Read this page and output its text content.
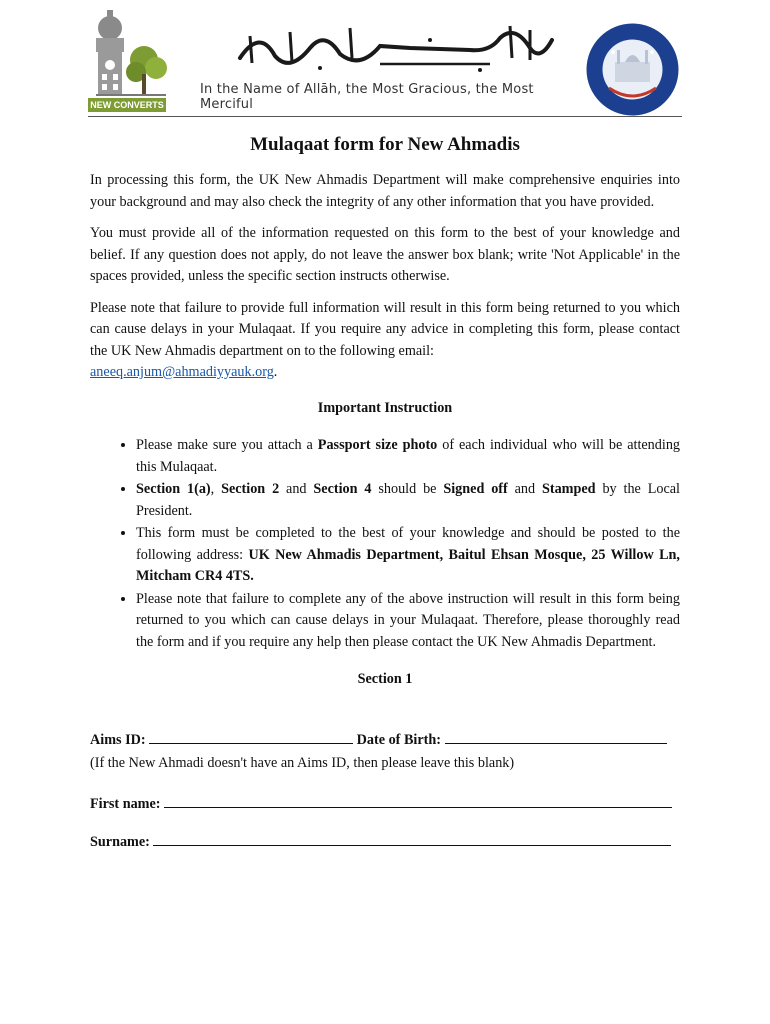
NEW CONVERTS
In the Name of Allāh, the Most Gracious, the Most Merciful
Mulaqaat form for New Ahmadis

In processing this form, the UK New Ahmadis Department will make comprehensive enquiries into your background and may also check the integrity of any other information that you have provided.

You must provide all of the information requested on this form to the best of your knowledge and belief. If any question does not apply, do not leave the answer box blank; write 'Not Applicable' in the spaces provided, unless the specific section instructs otherwise.

Please note that failure to provide full information will result in this form being returned to you which can cause delays in your Mulaqaat. If you require any advice in completing this form, please contact the UK New Ahmadis department on to the following email:

aneeq.anjum@ahmadiyyauk.org.
Important Instruction
• Please make sure you attach a Passport size photo of each individual who will be attending this Mulaqaat.
• Section 1(a), Section 2 and Section 4 should be Signed off and Stamped by the Local President.
• This form must be completed to the best of your knowledge and should be posted to the following address: UK New Ahmadis Department, Baitul Ehsan Mosque, 25 Willow Ln, Mitcham CR4 4TS.
• Please note that failure to complete any of the above instruction will result in this form being returned to you which can cause delays in your Mulaqaat. Therefore, please thoroughly read the form and if you require any help then please contact the UK New Ahmadis Department.
Section 1
Aims ID:	Date of Birth:
(If the New Ahmadi doesn't have an Aims ID, then please leave this blank)
First name:
Surname:
